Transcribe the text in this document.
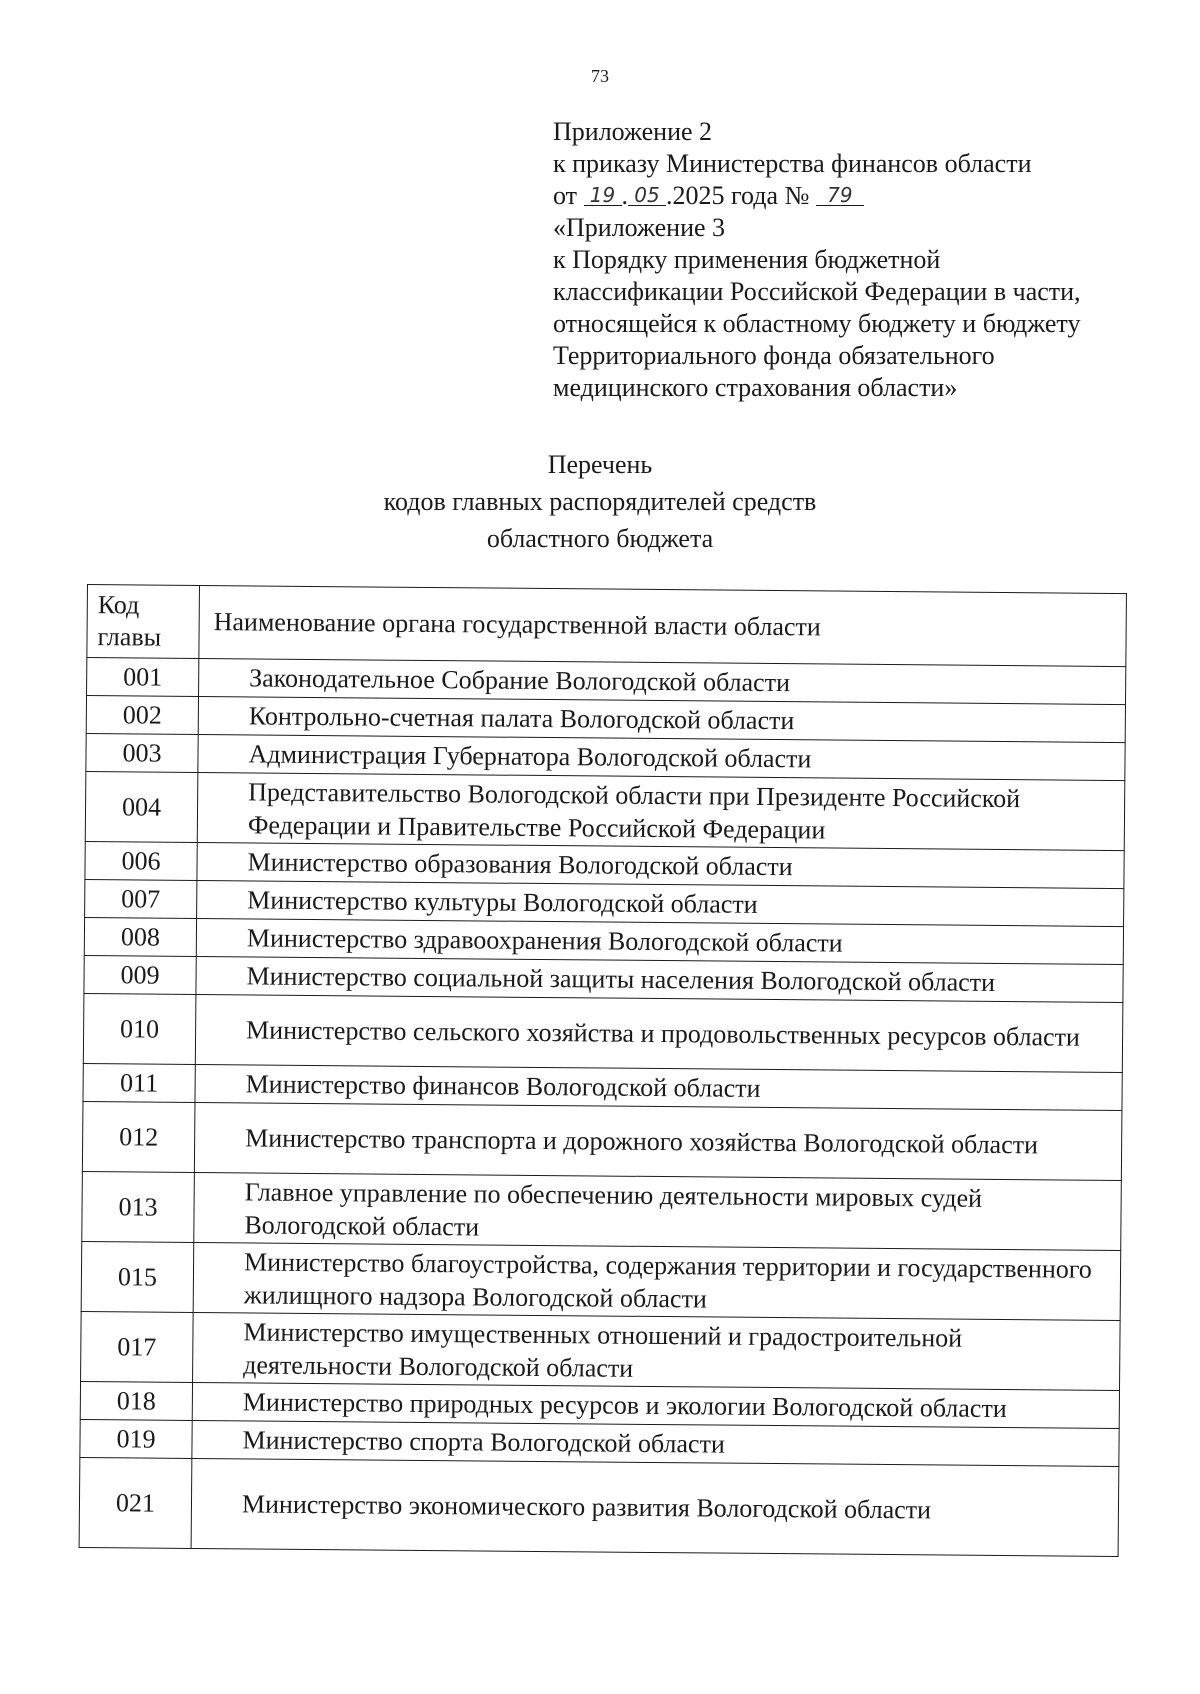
73
Приложение 2
к приказу Министерства финансов области
от 19 . 05 .2025 года № 79
«Приложение 3
к Порядку применения бюджетной
классификации Российской Федерации в части,
относящейся к областному бюджету и бюджету
Территориального фонда обязательного
медицинского страхования области»
Перечень
кодов главных распорядителей средств
областного бюджета
Код
главы	Наименование органа государственной власти области
001	Законодательное Собрание Вологодской области
002	Контрольно-счетная палата Вологодской области
003	Администрация Губернатора Вологодской области
004	Представительство Вологодской области при Президенте Российской Федерации и Правительстве Российской Федерации
006	Министерство образования Вологодской области
007	Министерство культуры Вологодской области
008	Министерство здравоохранения Вологодской области
009	Министерство социальной защиты населения Вологодской области
010	Министерство сельского хозяйства и продовольственных ресурсов области
011	Министерство финансов Вологодской области
012	Министерство транспорта и дорожного хозяйства Вологодской области
013	Главное управление по обеспечению деятельности мировых судей Вологодской области
015	Министерство благоустройства, содержания территории и государственного жилищного надзора Вологодской области
017	Министерство имущественных отношений и градостроительной деятельности Вологодской области
018	Министерство природных ресурсов и экологии Вологодской области
019	Министерство спорта Вологодской области
021	Министерство экономического развития Вологодской области
